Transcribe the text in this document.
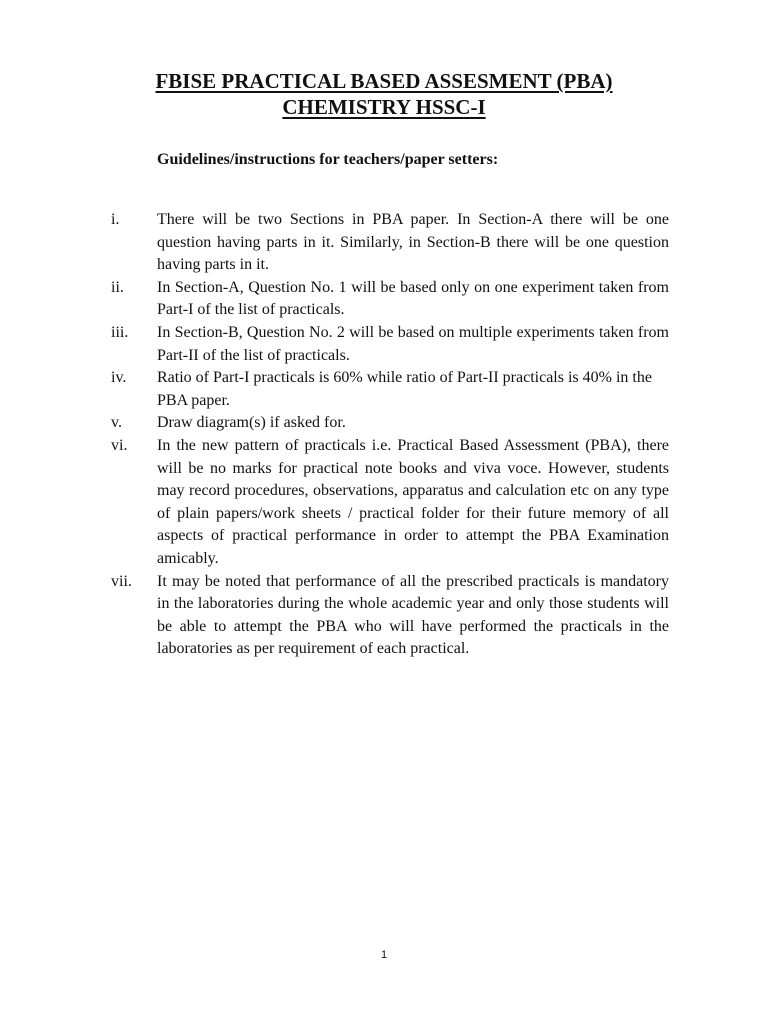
FBISE PRACTICAL BASED ASSESMENT (PBA)
CHEMISTRY HSSC-I
Guidelines/instructions for teachers/paper setters:
i. There will be two Sections in PBA paper. In Section-A there will be one question having parts in it. Similarly, in Section-B there will be one question having parts in it.
ii. In Section-A, Question No. 1 will be based only on one experiment taken from Part-I of the list of practicals.
iii. In Section-B, Question No. 2 will be based on multiple experiments taken from Part-II of the list of practicals.
iv. Ratio of Part-I practicals is 60% while ratio of Part-II practicals is 40% in the PBA paper.
v. Draw diagram(s) if asked for.
vi. In the new pattern of practicals i.e. Practical Based Assessment (PBA), there will be no marks for practical note books and viva voce. However, students may record procedures, observations, apparatus and calculation etc on any type of plain papers/work sheets / practical folder for their future memory of all aspects of practical performance in order to attempt the PBA Examination amicably.
vii. It may be noted that performance of all the prescribed practicals is mandatory in the laboratories during the whole academic year and only those students will be able to attempt the PBA who will have performed the practicals in the laboratories as per requirement of each practical.
1
